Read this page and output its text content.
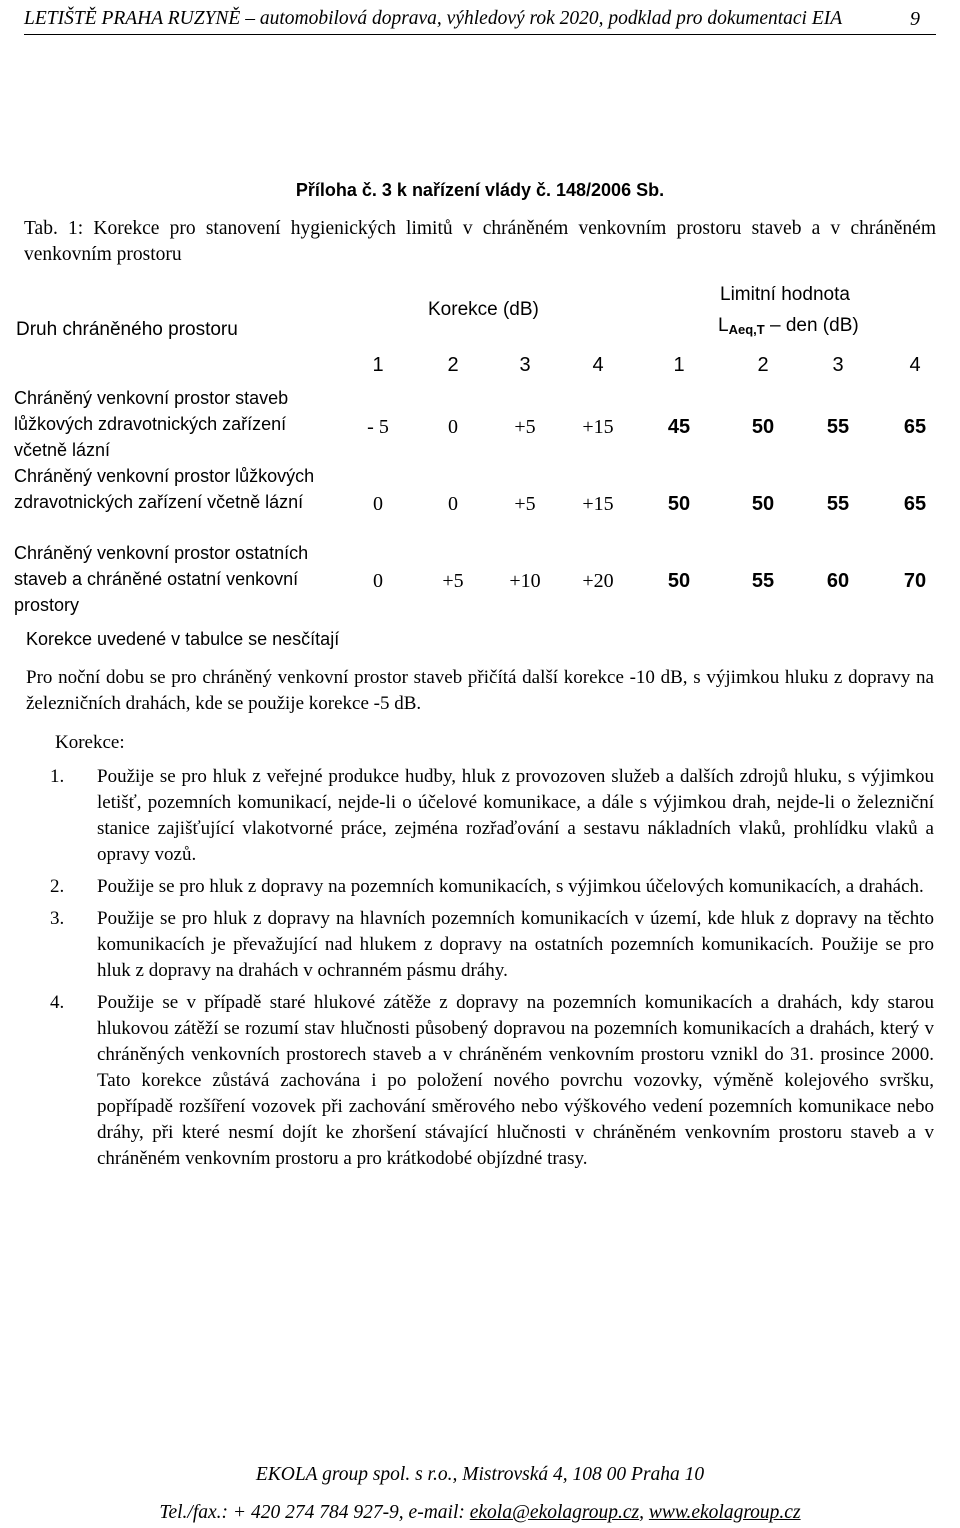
LETIŠTĚ PRAHA RUZYNĚ – automobilová doprava, výhledový rok 2020, podklad pro dokumentaci EIA	9
Příloha č. 3 k nařízení vlády č. 148/2006 Sb.
Tab. 1: Korekce pro stanovení hygienických limitů v chráněném venkovním prostoru staveb a v chráněném venkovním prostoru
Druh chráněného prostoru
Korekce (dB)
Limitní hodnota
$L_{Aeq,T}$ – den (dB)
1	2	3	4	1	2	3	4
Chráněný venkovní prostor staveb lůžkových zdravotnických zařízení včetně lázní
- 5	0	+5	+15	45	50	55	65
Chráněný venkovní prostor lůžkových zdravotnických zařízení včetně lázní	0	0	+5	+15	50	50	55	65
Chráněný venkovní prostor ostatních staveb a chráněné ostatní venkovní prostory
0	+5	+10	+20	50	55	60	70
Korekce uvedené v tabulce se nesčítají
Pro noční dobu se pro chráněný venkovní prostor staveb přičítá další korekce -10 dB, s výjimkou hluku z dopravy na železničních drahách, kde se použije korekce -5 dB.
Korekce:
1. Použije se pro hluk z veřejné produkce hudby, hluk z provozoven služeb a dalších zdrojů hluku, s výjimkou letišť, pozemních komunikací, nejde-li o účelové komunikace, a dále s výjimkou drah, nejde-li o železniční stanice zajišťující vlakotvorné práce, zejména rozřaďování a sestavu nákladních vlaků, prohlídku vlaků a opravy vozů.
2. Použije se pro hluk z dopravy na pozemních komunikacích, s výjimkou účelových komunikacích, a drahách.
3. Použije se pro hluk z dopravy na hlavních pozemních komunikacích v území, kde hluk z dopravy na těchto komunikacích je převažující nad hlukem z dopravy na ostatních pozemních komunikacích. Použije se pro hluk z dopravy na drahách v ochranném pásmu dráhy.
4. Použije se v případě staré hlukové zátěže z dopravy na pozemních komunikacích a drahách, kdy starou hlukovou zátěží se rozumí stav hlučnosti působený dopravou na pozemních komunikacích a drahách, který v chráněných venkovních prostorech staveb a v chráněném venkovním prostoru vznikl do 31. prosince 2000. Tato korekce zůstává zachována i po položení nového povrchu vozovky, výměně kolejového svršku, popřípadě rozšíření vozovek při zachování směrového nebo výškového vedení pozemních komunikace nebo dráhy, při které nesmí dojít ke zhoršení stávající hlučnosti v chráněném venkovním prostoru staveb a v chráněném venkovním prostoru a pro krátkodobé objízdné trasy.
EKOLA group spol. s r.o., Mistrovská 4, 108 00 Praha 10
Tel./fax.: + 420 274 784 927-9, e-mail: ekola@ekolagroup.cz, www.ekolagroup.cz
